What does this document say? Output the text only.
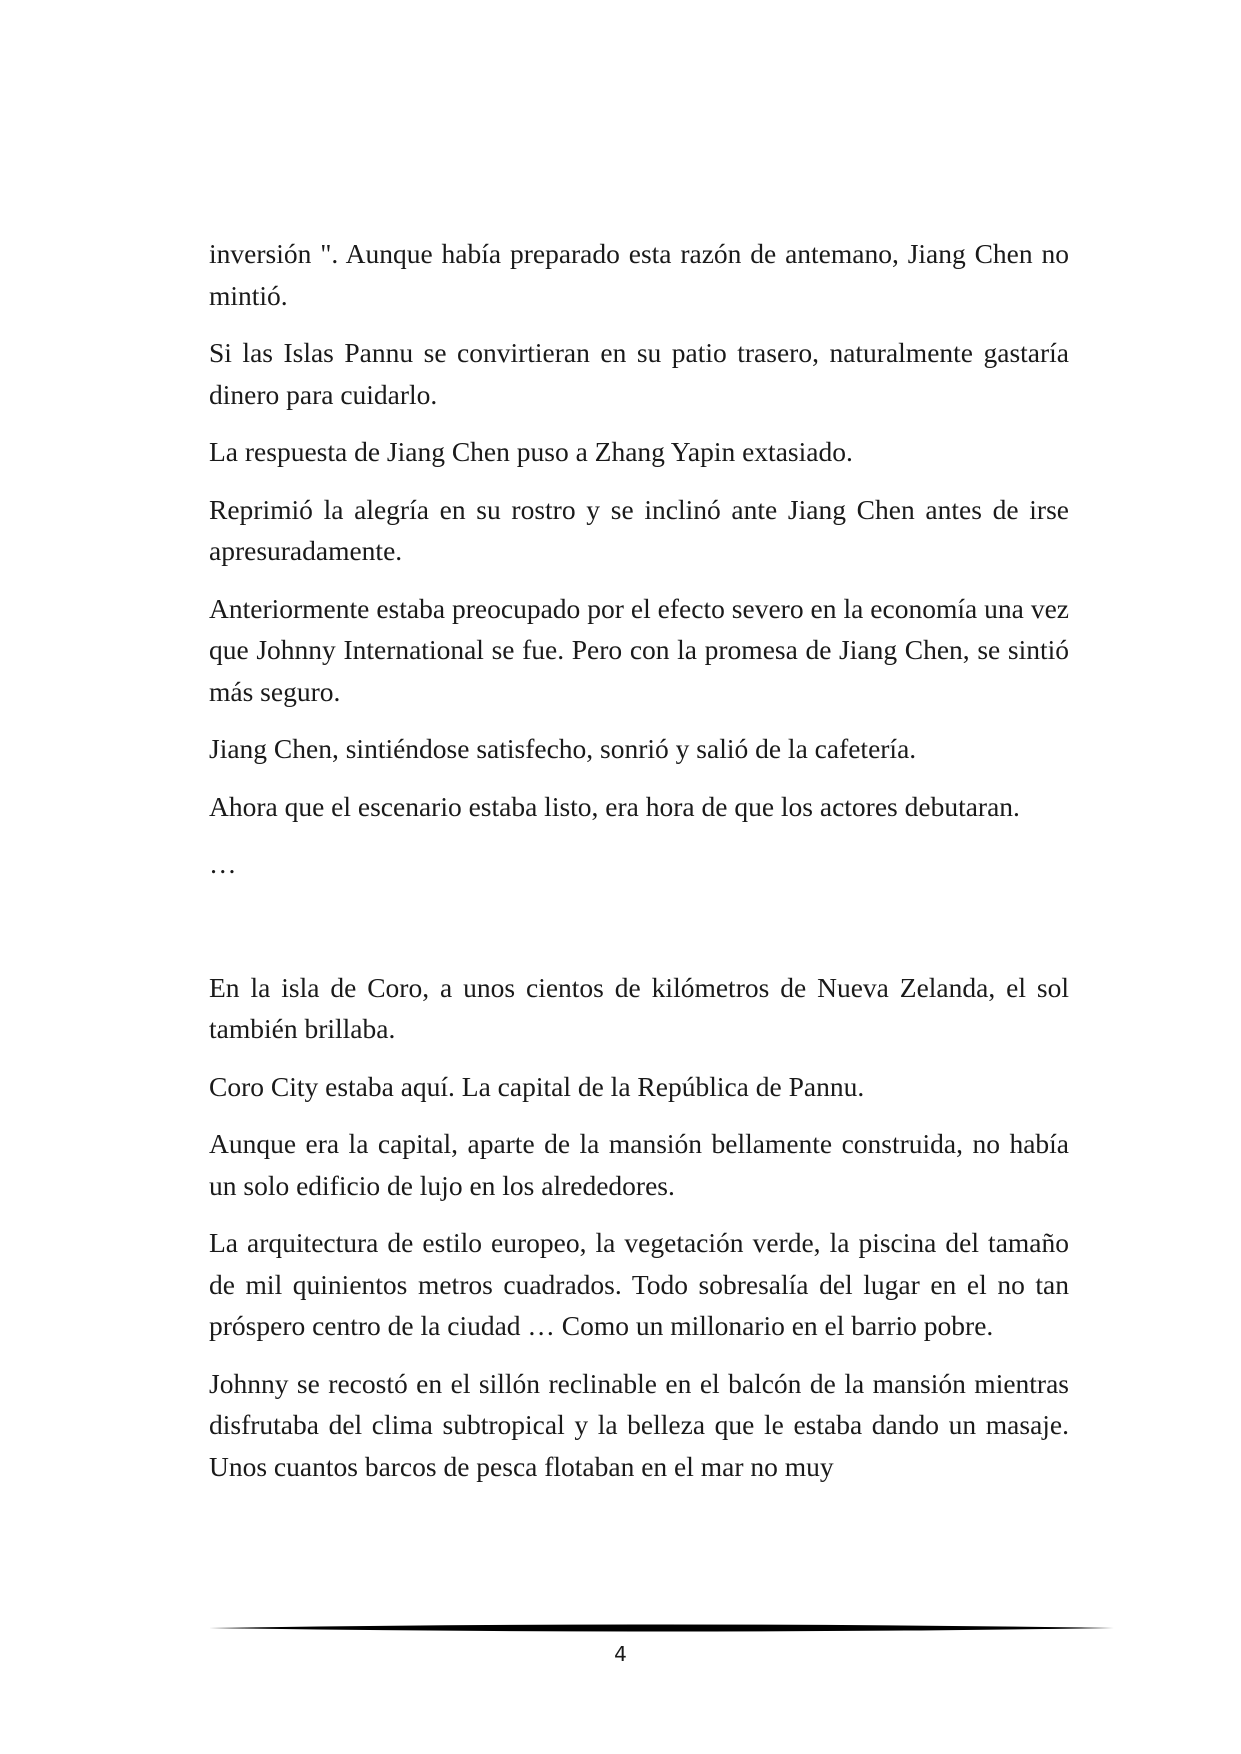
inversión ". Aunque había preparado esta razón de antemano, Jiang Chen no mintió.

Si las Islas Pannu se convirtieran en su patio trasero, naturalmente gastaría dinero para cuidarlo.

La respuesta de Jiang Chen puso a Zhang Yapin extasiado.

Reprimió la alegría en su rostro y se inclinó ante Jiang Chen antes de irse apresuradamente.

Anteriormente estaba preocupado por el efecto severo en la economía una vez que Johnny International se fue. Pero con la promesa de Jiang Chen, se sintió más seguro.

Jiang Chen, sintiéndose satisfecho, sonrió y salió de la cafetería.

Ahora que el escenario estaba listo, era hora de que los actores debutaran.

…

En la isla de Coro, a unos cientos de kilómetros de Nueva Zelanda, el sol también brillaba.

Coro City estaba aquí. La capital de la República de Pannu.

Aunque era la capital, aparte de la mansión bellamente construida, no había un solo edificio de lujo en los alrededores.

La arquitectura de estilo europeo, la vegetación verde, la piscina del tamaño de mil quinientos metros cuadrados. Todo sobresalía del lugar en el no tan próspero centro de la ciudad … Como un millonario en el barrio pobre.

Johnny se recostó en el sillón reclinable en el balcón de la mansión mientras disfrutaba del clima subtropical y la belleza que le estaba dando un masaje. Unos cuantos barcos de pesca flotaban en el mar no muy

4
